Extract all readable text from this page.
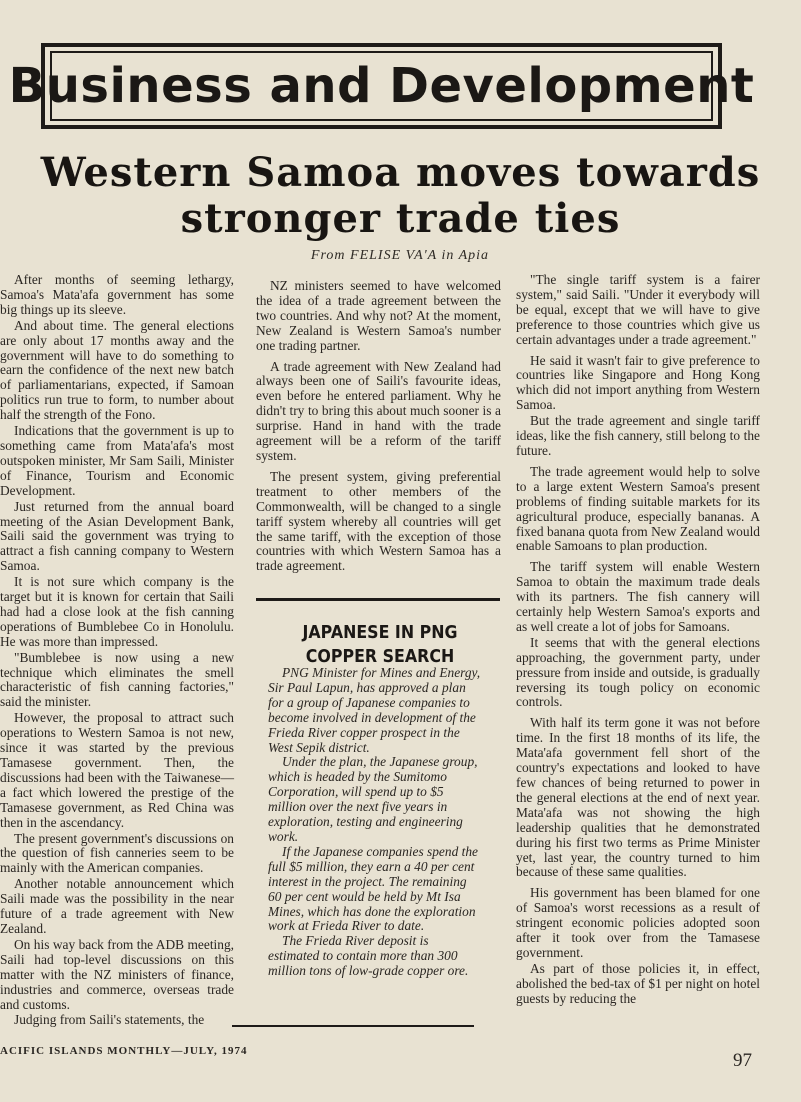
Business and Development
Western Samoa moves towards
stronger trade ties
From FELISE VA'A in Apia

After months of seeming lethargy, Samoa's Mata'afa government has some big things up its sleeve.

And about time. The general elections are only about 17 months away and the government will have to do something to earn the confidence of the next new batch of parliamentarians, expected, if Samoan politics run true to form, to number about half the strength of the Fono.

Indications that the government is up to something came from Mata'afa's most outspoken minister, Mr Sam Saili, Minister of Finance, Tourism and Economic Development.

Just returned from the annual board meeting of the Asian Development Bank, Saili said the government was trying to attract a fish canning company to Western Samoa.

It is not sure which company is the target but it is known for certain that Saili had had a close look at the fish canning operations of Bumblebee Co in Honolulu. He was more than impressed.

"Bumblebee is now using a new technique which eliminates the smell characteristic of fish canning factories," said the minister.

However, the proposal to attract such operations to Western Samoa is not new, since it was started by the previous Tamasese government. Then, the discussions had been with the Taiwanese—a fact which lowered the prestige of the Tamasese government, as Red China was then in the ascendancy.

The present government's discussions on the question of fish canneries seem to be mainly with the American companies.

Another notable announcement which Saili made was the possibility in the near future of a trade agreement with New Zealand.

On his way back from the ADB meeting, Saili had top-level discussions on this matter with the NZ ministers of finance, industries and commerce, overseas trade and customs.

Judging from Saili's statements, the

NZ ministers seemed to have welcomed the idea of a trade agreement between the two countries. And why not? At the moment, New Zealand is Western Samoa's number one trading partner.

A trade agreement with New Zealand had always been one of Saili's favourite ideas, even before he entered parliament. Why he didn't try to bring this about much sooner is a surprise. Hand in hand with the trade agreement will be a reform of the tariff system.

The present system, giving preferential treatment to other members of the Commonwealth, will be changed to a single tariff system whereby all countries will get the same tariff, with the exception of those countries with which Western Samoa has a trade agreement.

JAPANESE IN PNG
COPPER SEARCH

PNG Minister for Mines and Energy, Sir Paul Lapun, has approved a plan for a group of Japanese companies to become involved in development of the Frieda River copper prospect in the West Sepik district.

Under the plan, the Japanese group, which is headed by the Sumitomo Corporation, will spend up to $5 million over the next five years in exploration, testing and engineering work.

If the Japanese companies spend the full $5 million, they earn a 40 per cent interest in the project. The remaining 60 per cent would be held by Mt Isa Mines, which has done the exploration work at Frieda River to date.

The Frieda River deposit is estimated to contain more than 300 million tons of low-grade copper ore.

"The single tariff system is a fairer system," said Saili. "Under it everybody will be equal, except that we will have to give preference to those countries which give us certain advantages under a trade agreement."

He said it wasn't fair to give preference to countries like Singapore and Hong Kong which did not import anything from Western Samoa.

But the trade agreement and single tariff ideas, like the fish cannery, still belong to the future.

The trade agreement would help to solve to a large extent Western Samoa's present problems of finding suitable markets for its agricultural produce, especially bananas. A fixed banana quota from New Zealand would enable Samoans to plan production.

The tariff system will enable Western Samoa to obtain the maximum trade deals with its partners. The fish cannery will certainly help Western Samoa's exports and as well create a lot of jobs for Samoans.

It seems that with the general elections approaching, the government party, under pressure from inside and outside, is gradually reversing its tough policy on economic controls.

With half its term gone it was not before time. In the first 18 months of its life, the Mata'afa government fell short of the country's expectations and looked to have few chances of being returned to power in the general elections at the end of next year. Mata'afa was not showing the high leadership qualities that he demonstrated during his first two terms as Prime Minister yet, last year, the country turned to him because of these same qualities.

His government has been blamed for one of Samoa's worst recessions as a result of stringent economic policies adopted soon after it took over from the Tamasese government.

As part of those policies it, in effect, abolished the bed-tax of $1 per night on hotel guests by reducing the

ACIFIC ISLANDS MONTHLY—JULY, 1974	97
